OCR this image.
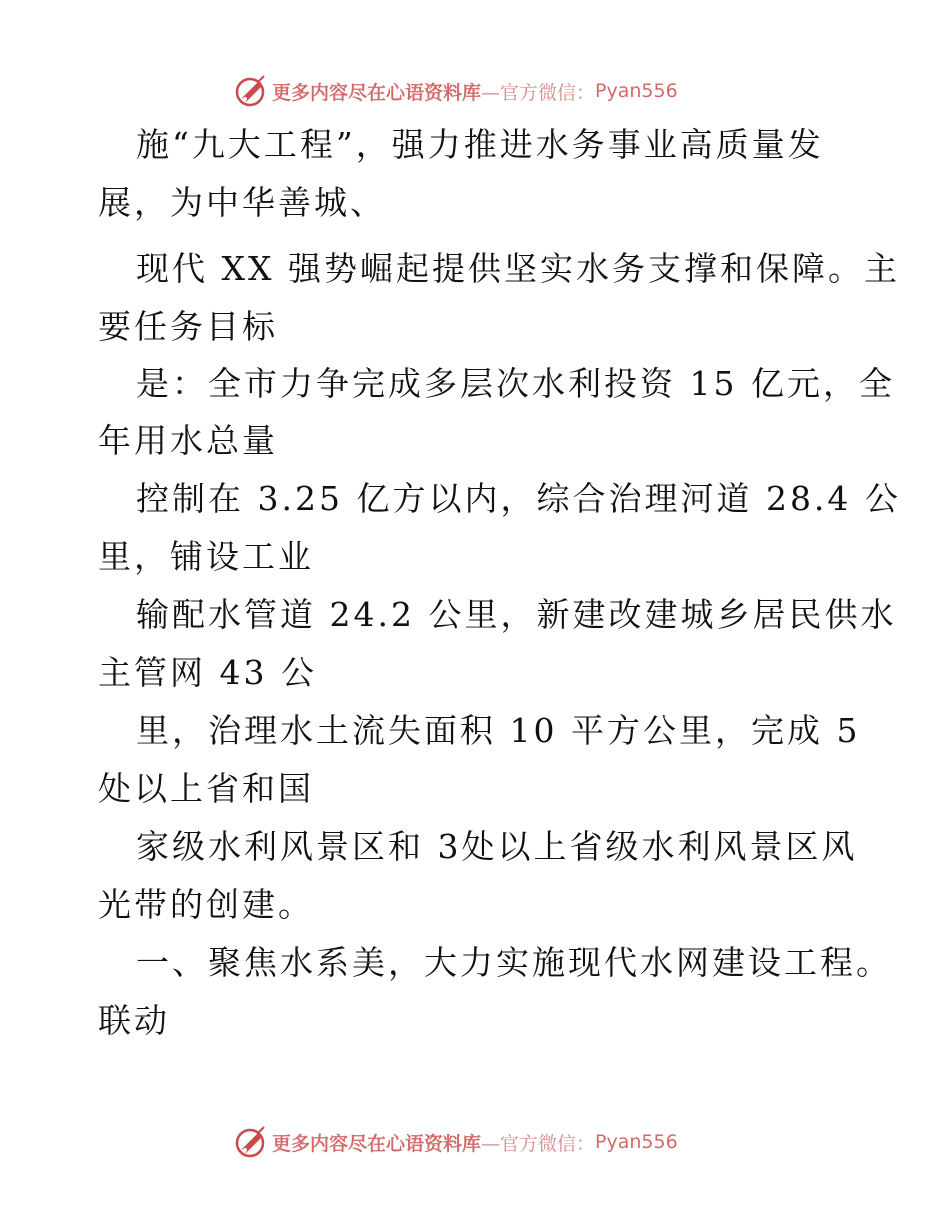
更多内容尽在心语资料库 —官方微信： Pyan556
施“九大工程”，强力推进水务事业高质量发
展，为中华善城、
现代 XX 强势崛起提供坚实水务支撑和保障。主
要任务目标
是：全市力争完成多层次水利投资 15 亿元，全
年用水总量
控制在 3.25 亿方以内，综合治理河道 28.4 公
里，铺设工业
输配水管道 24.2 公里，新建改建城乡居民供水
主管网 43 公
里，治理水土流失面积 10 平方公里，完成 5
处以上省和国
家级水利风景区和 3处以上省级水利风景区风
光带的创建。
一、聚焦水系美，大力实施现代水网建设工程。
联动
更多内容尽在心语资料库 —官方微信： Pyan556
